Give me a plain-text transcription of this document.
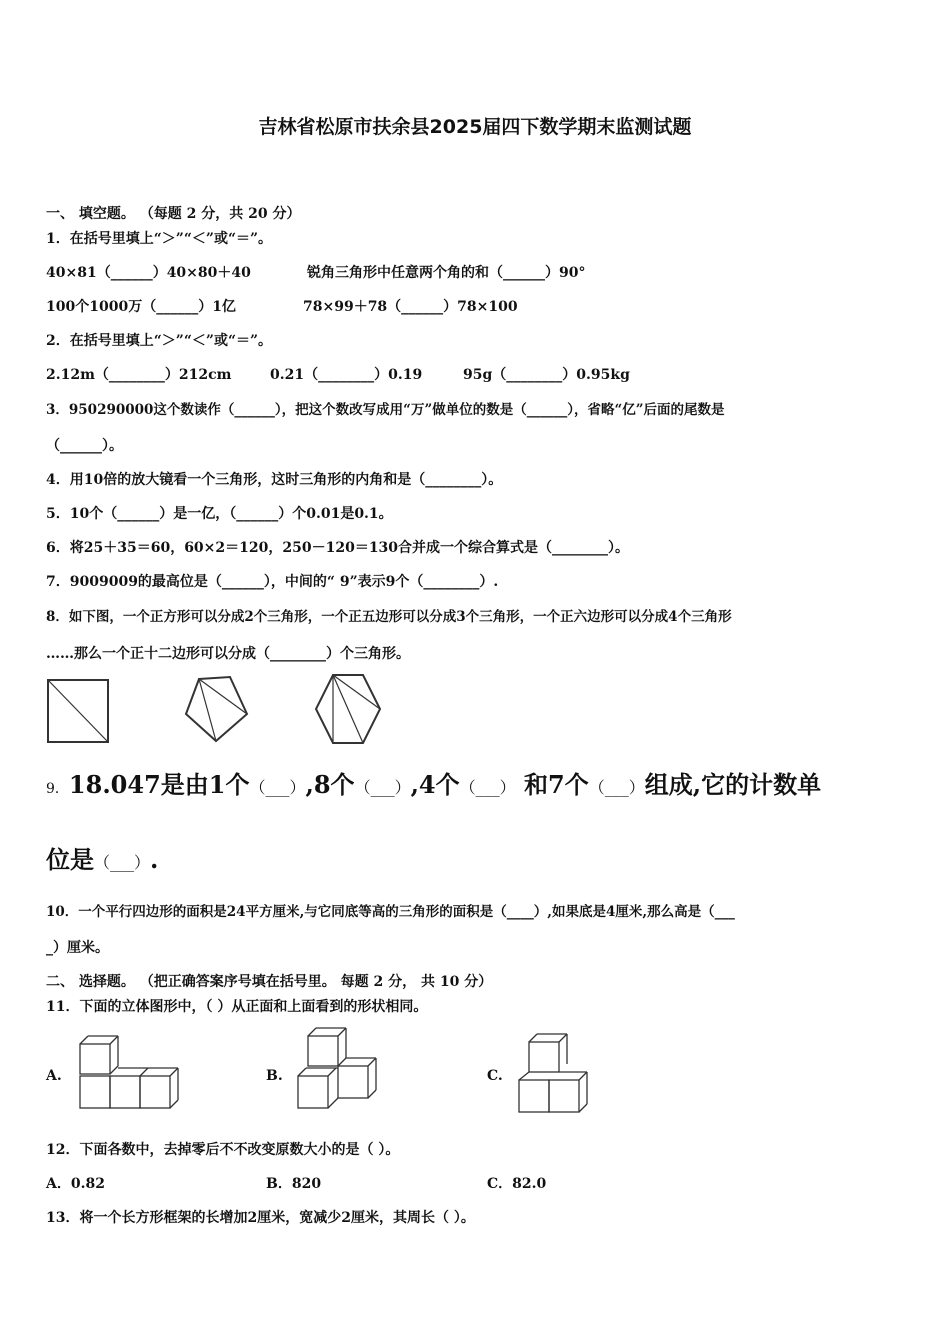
吉林省松原市扶余县2025届四下数学期末监测试题
一、 填空题。 （每题 2 分，共 20 分）
1．在括号里填上“＞”“＜”或“＝”。
40×81（______）40×80＋40	锐角三角形中任意两个角的和（______）90°
100个1000万（______）1亿	78×99＋78（______）78×100
2．在括号里填上“＞”“＜”或“＝”。
2.12m（________）212cm	0.21（________）0.19	95g（________）0.95kg
3．950290000这个数读作（______），把这个数改写成用“万”做单位的数是（______），省略“亿”后面的尾数是
（______）。
4．用10倍的放大镜看一个三角形，这时三角形的内角和是（________）。
5．10个（______）是一亿，（______）个0.01是0.1。
6．将25＋35＝60，60×2＝120，250－120＝130合并成一个综合算式是（________）。
7．9009009的最高位是（______），中间的“ 9”表示9个（________）.
8．如下图，一个正方形可以分成2个三角形，一个正五边形可以分成3个三角形，一个正六边形可以分成4个三角形
……那么一个正十二边形可以分成（________）个三角形。
9．18.047是由1个（___）,8个（___）,4个（___） 和7个（___）组成,它的计数单
位是（___）.
10．一个平行四边形的面积是24平方厘米,与它同底等高的三角形的面积是（____）,如果底是4厘米,那么高是（___
_）厘米。
二、 选择题。 （把正确答案序号填在括号里。 每题 2 分， 共 10 分）
11．下面的立体图形中，（ ）从正面和上面看到的形状相同。
A.	B.	C.
12．下面各数中，去掉零后不不改变原数大小的是（ ）。
A．0.82	B．820	C．82.0
13．将一个长方形框架的长增加2厘米，宽减少2厘米，其周长（ ）。
